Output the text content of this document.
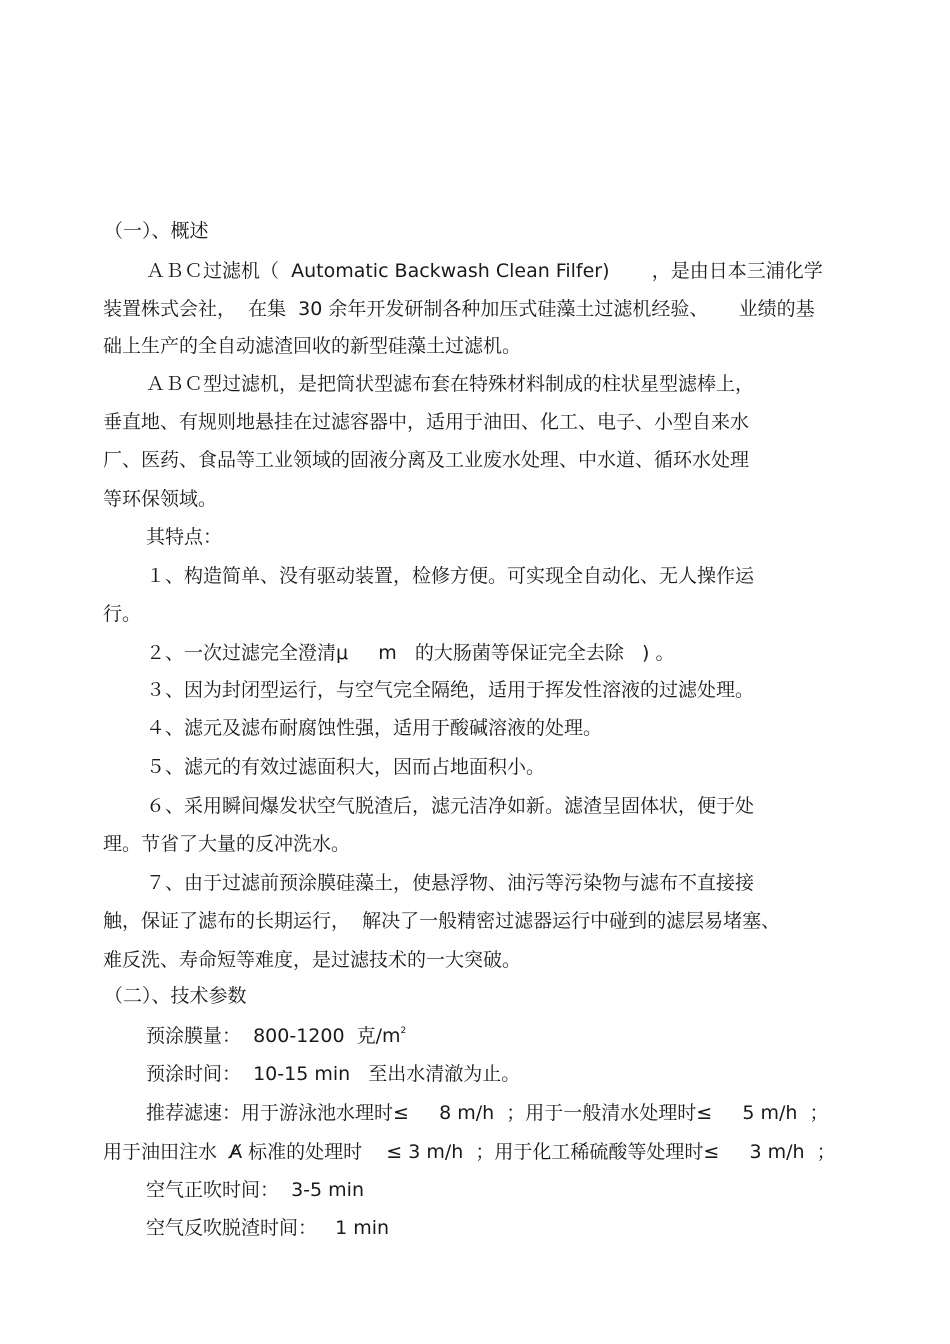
（一）、概述
ＡＢＣ过滤机（  Automatic Backwash Clean Filfer)       ，是由日本三浦化学
装置株式会社，  在集  30 余年开发研制各种加压式硅藻土过滤机经验、     业绩的基
础上生产的全自动滤渣回收的新型硅藻土过滤机。
ＡＢＣ型过滤机，是把筒状型滤布套在特殊材料制成的柱状星型滤棒上，
垂直地、有规则地悬挂在过滤容器中，适用于油田、化工、电子、小型自来水
厂、医药、食品等工业领域的固液分离及工业废水处理、中水道、循环水处理
等环保领域。
其特点：
１、构造简单、没有驱动装置，检修方便。可实现全自动化、无人操作运
行。
２、一次过滤完全澄清μ     m   的大肠菌等保证完全去除   ) 。
３、因为封闭型运行，与空气完全隔绝，适用于挥发性溶液的过滤处理。
４、滤元及滤布耐腐蚀性强，适用于酸碱溶液的处理。
５、滤元的有效过滤面积大，因而占地面积小。
６、采用瞬间爆发状空气脱渣后，滤元洁净如新。滤渣呈固体状，便于处
理。节省了大量的反冲洗水。
７、由于过滤前预涂膜硅藻土，使悬浮物、油污等污染物与滤布不直接接
触，保证了滤布的长期运行，  解决了一般精密过滤器运行中碰到的滤层易堵塞、
难反洗、寿命短等难度，是过滤技术的一大突破。
（二）、技术参数
预涂膜量：  800-1200  克$/m^2$
预涂时间：  10-15 min   至出水清澈为止。
推荐滤速：用于游泳池水理时≤     8 m/h  ；用于一般清水处理时≤     5 m/h  ；
用于油田注水  A̸ 标准的处理时    ≤ 3 m/h  ；用于化工稀硫酸等处理时≤     3 m/h  ；
空气正吹时间：  3-5 min
空气反吹脱渣时间：   1 min
